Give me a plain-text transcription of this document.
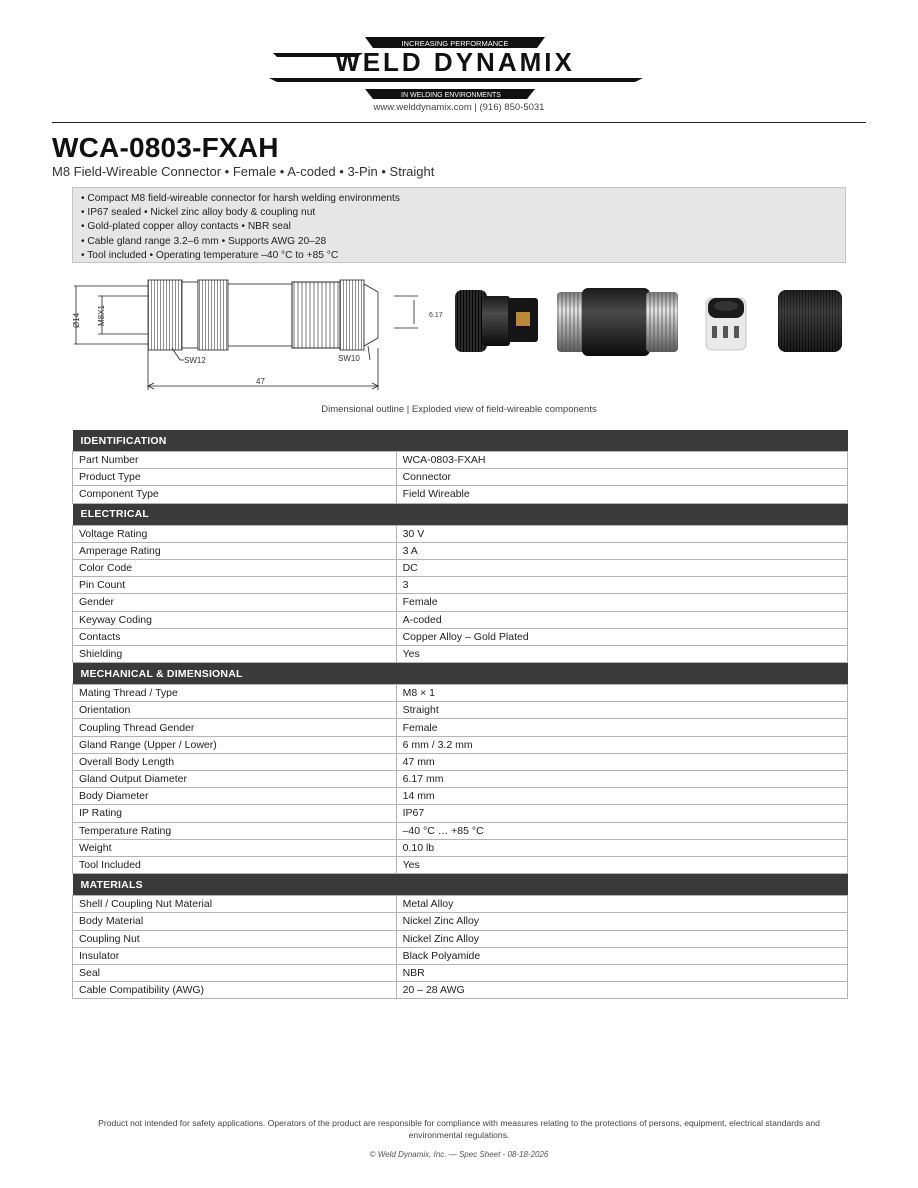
INCREASING PERFORMANCE
WELD DYNAMIX
IN WELDING ENVIRONMENTS
www.welddynamix.com | (916) 850-5031
WCA-0803-FXAH
M8 Field-Wireable Connector • Female • A-coded • 3-Pin • Straight
• Compact M8 field-wireable connector for harsh welding environments
• IP67 sealed • Nickel zinc alloy body & coupling nut
• Gold-plated copper alloy contacts • NBR seal
• Cable gland range 3.2–6 mm • Supports AWG 20–28
• Tool included • Operating temperature –40 °C to +85 °C
Ø14 M8X1
SW12	SW10
47
6.17
Dimensional outline | Exploded view of field-wireable components
IDENTIFICATION	
Part Number	WCA-0803-FXAH
Product Type	Connector
Component Type	Field Wireable
ELECTRICAL	
Voltage Rating	30 V
Amperage Rating	3 A
Color Code	DC
Pin Count	3
Gender	Female
Keyway Coding	A-coded
Contacts	Copper Alloy – Gold Plated
Shielding	Yes
MECHANICAL & DIMENSIONAL	
Mating Thread / Type	M8 × 1
Orientation	Straight
Coupling Thread Gender	Female
Gland Range (Upper / Lower)	6 mm / 3.2 mm
Overall Body Length	47 mm
Gland Output Diameter	6.17 mm
Body Diameter	14 mm
IP Rating	IP67
Temperature Rating	–40 °C … +85 °C
Weight	0.10 lb
Tool Included	Yes
MATERIALS	
Shell / Coupling Nut Material	Metal Alloy
Body Material	Nickel Zinc Alloy
Coupling Nut	Nickel Zinc Alloy
Insulator	Black Polyamide
Seal	NBR
Cable Compatibility (AWG)	20 – 28 AWG
Product not intended for safety applications. Operators of the product are responsible for compliance with measures relating to the protections of persons, equipment, electrical standards and environmental regulations.
© Weld Dynamix, Inc. — Spec Sheet - 08-18-2026
